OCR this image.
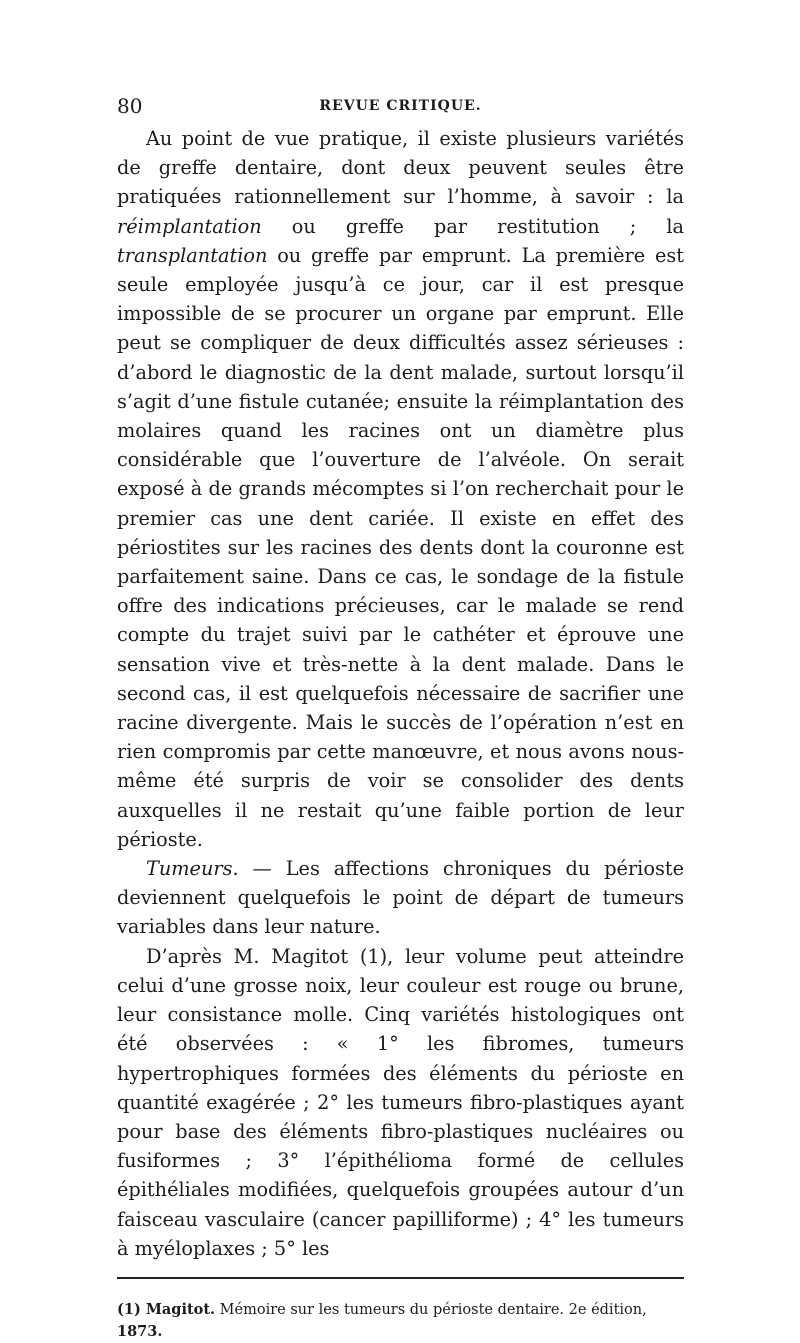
80	REVUE CRITIQUE.

Au point de vue pratique, il existe plusieurs variétés de greffe dentaire, dont deux peuvent seules être pratiquées rationnellement sur l’homme, à savoir : la réimplantation ou greffe par restitution ; la transplantation ou greffe par emprunt. La première est seule employée jusqu’à ce jour, car il est presque impossible de se procurer un organe par emprunt. Elle peut se compliquer de deux difficultés assez sérieuses : d’abord le diagnostic de la dent malade, surtout lorsqu’il s’agit d’une fistule cutanée; ensuite la réimplantation des molaires quand les racines ont un diamètre plus considérable que l’ouverture de l’alvéole. On serait exposé à de grands mécomptes si l’on recherchait pour le premier cas une dent cariée. Il existe en effet des périostites sur les racines des dents dont la couronne est parfaitement saine. Dans ce cas, le sondage de la fistule offre des indications précieuses, car le malade se rend compte du trajet suivi par le cathéter et éprouve une sensation vive et très-nette à la dent malade. Dans le second cas, il est quelquefois nécessaire de sacrifier une racine divergente. Mais le succès de l’opération n’est en rien compromis par cette manœuvre, et nous avons nous-même été surpris de voir se consolider des dents auxquelles il ne restait qu’une faible portion de leur périoste.

Tumeurs. — Les affections chroniques du périoste deviennent quelquefois le point de départ de tumeurs variables dans leur nature.

D’après M. Magitot (1), leur volume peut atteindre celui d’une grosse noix, leur couleur est rouge ou brune, leur consistance molle. Cinq variétés histologiques ont été observées : « 1° les fibromes, tumeurs hypertrophiques formées des éléments du périoste en quantité exagérée ; 2° les tumeurs fibro-plastiques ayant pour base des éléments fibro-plastiques nucléaires ou fusiformes ; 3° l’épithélioma formé de cellules épithéliales modifiées, quelquefois groupées autour d’un faisceau vasculaire (cancer papilliforme) ; 4° les tumeurs à myéloplaxes ; 5° les

(1) Magitot. Mémoire sur les tumeurs du périoste dentaire. 2e édition,
1873.
